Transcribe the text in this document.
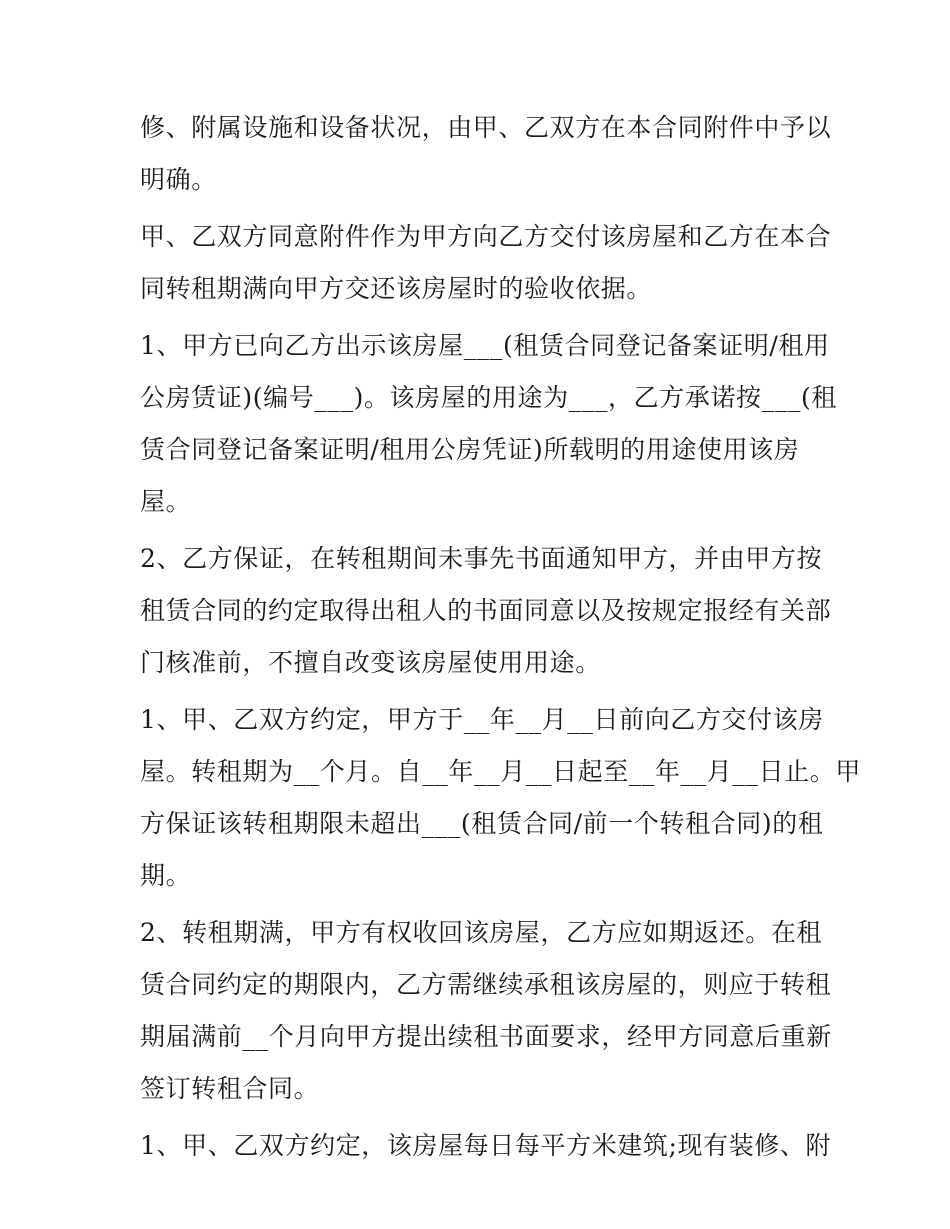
修、附属设施和设备状况，由甲、乙双方在本合同附件中予以
明确。
甲、乙双方同意附件作为甲方向乙方交付该房屋和乙方在本合
同转租期满向甲方交还该房屋时的验收依据。
1、甲方已向乙方出示该房屋___(租赁合同登记备案证明/租用
公房赁证)(编号___)。该房屋的用途为___，乙方承诺按___(租
赁合同登记备案证明/租用公房凭证)所载明的用途使用该房
屋。
2、乙方保证，在转租期间未事先书面通知甲方，并由甲方按
租赁合同的约定取得出租人的书面同意以及按规定报经有关部
门核准前，不擅自改变该房屋使用用途。
1、甲、乙双方约定，甲方于__年__月__日前向乙方交付该房
屋。转租期为__个月。自__年__月__日起至__年__月__日止。甲
方保证该转租期限未超出___(租赁合同/前一个转租合同)的租
期。
2、转租期满，甲方有权收回该房屋，乙方应如期返还。在租
赁合同约定的期限内，乙方需继续承租该房屋的，则应于转租
期届满前__个月向甲方提出续租书面要求，经甲方同意后重新
签订转租合同。
1、甲、乙双方约定，该房屋每日每平方米建筑;现有装修、附
